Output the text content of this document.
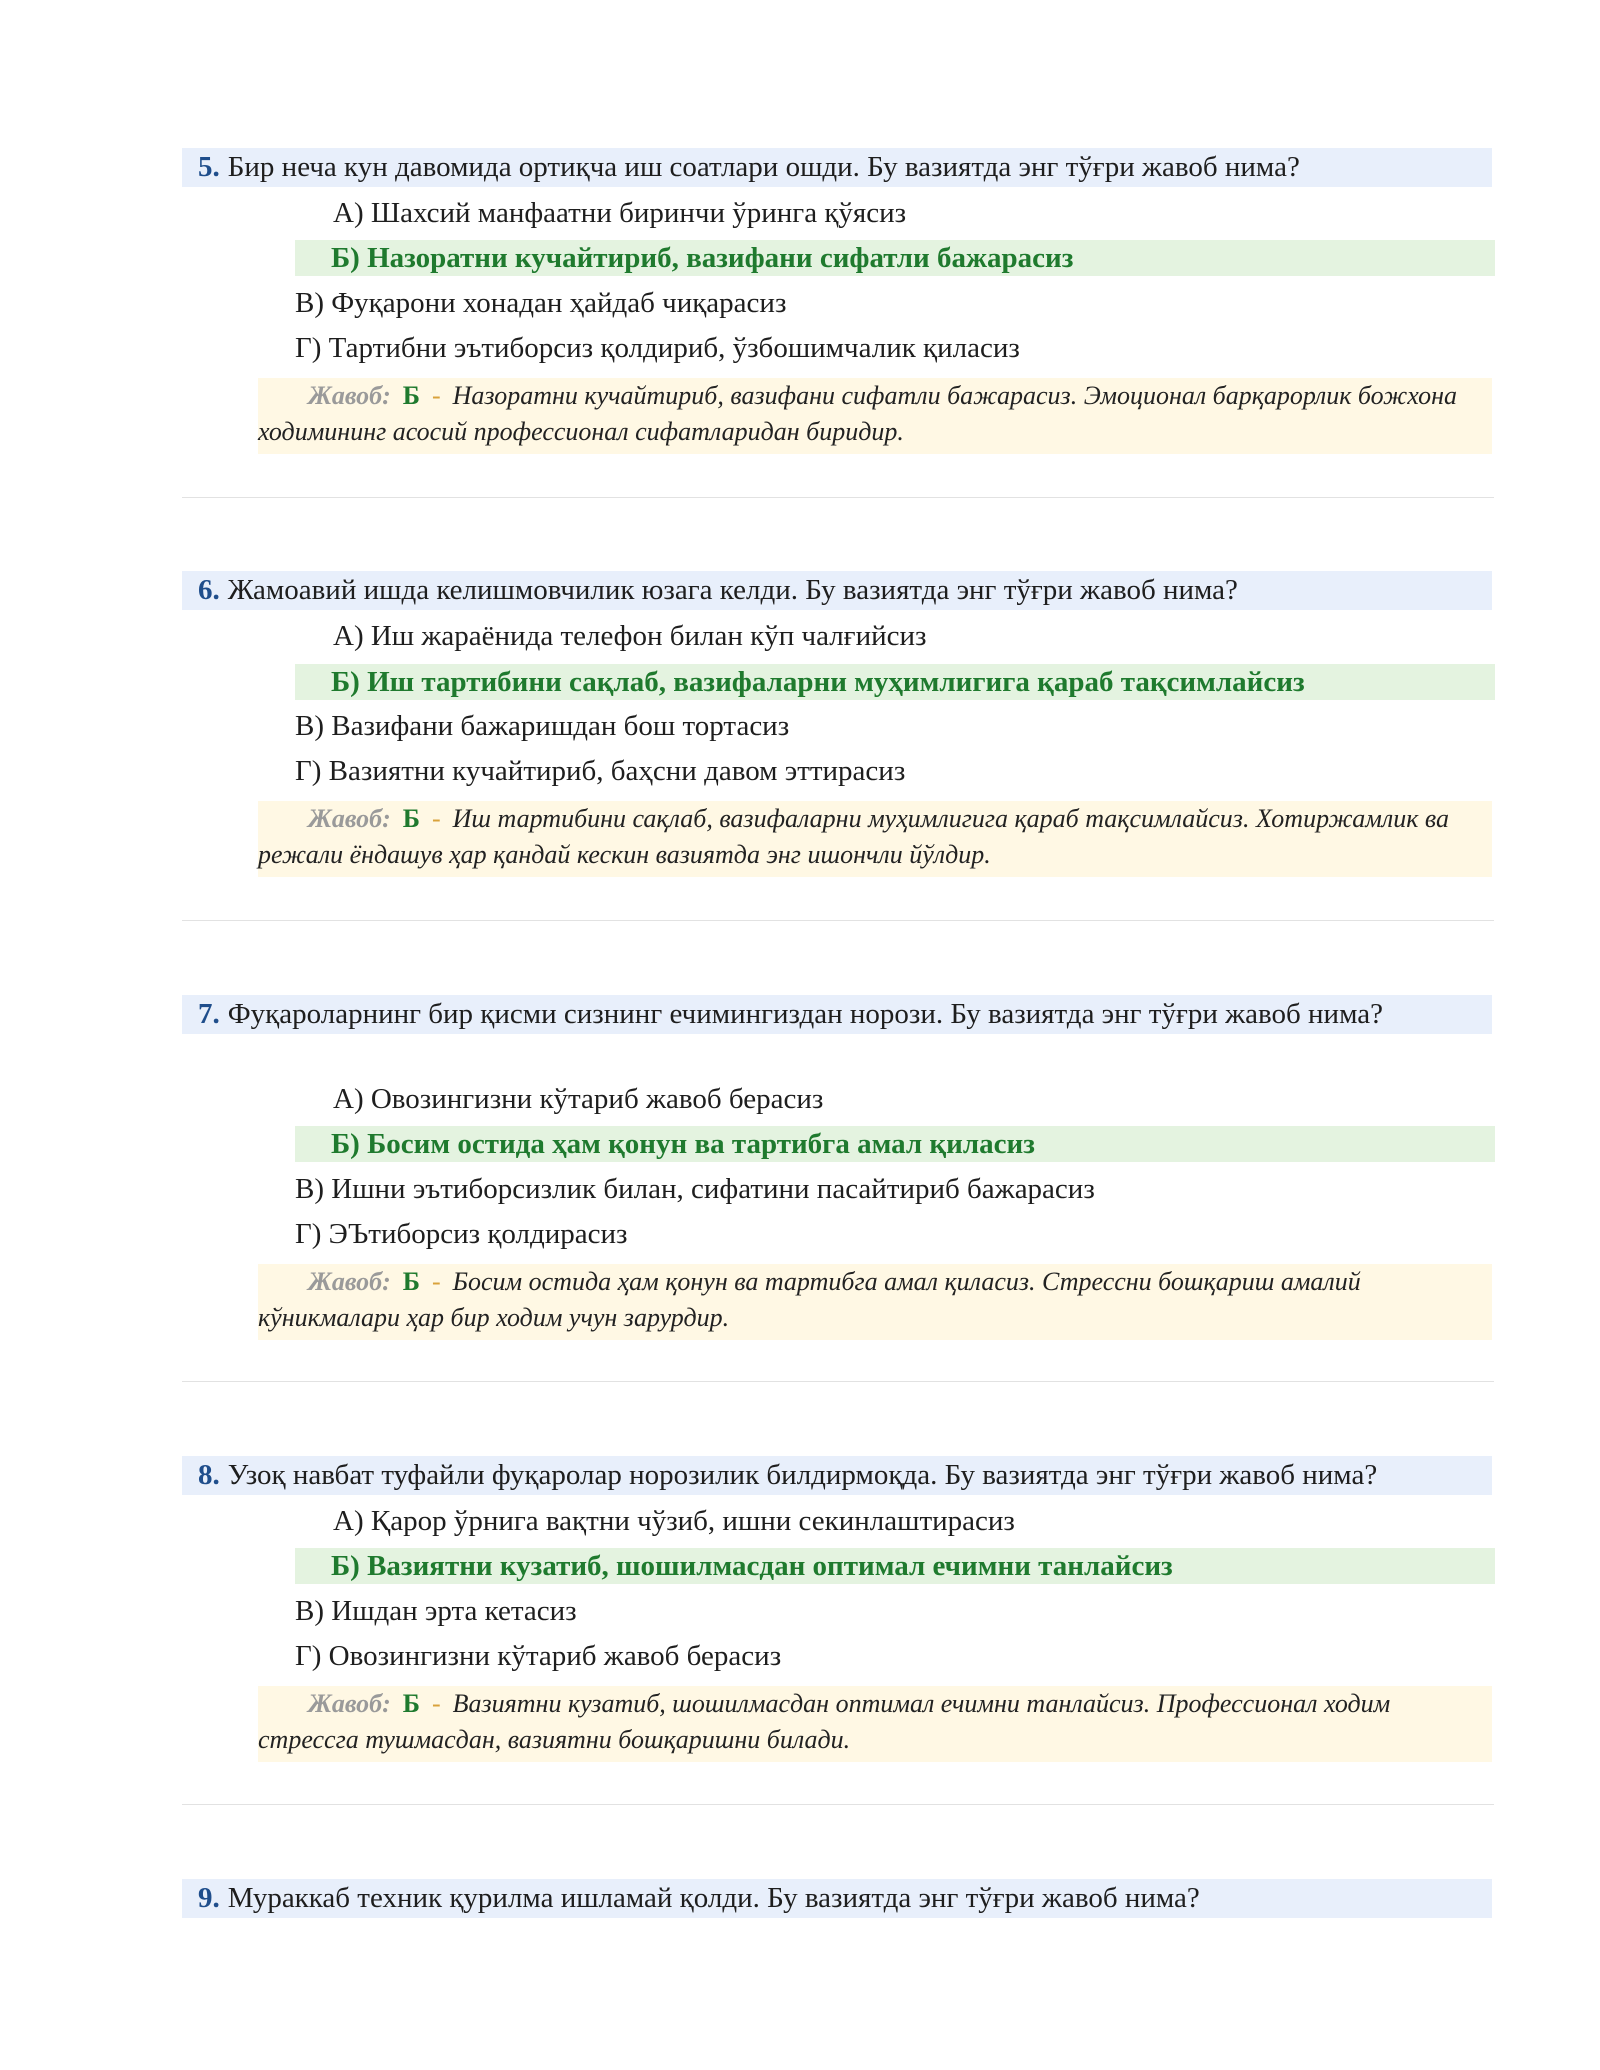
5. Бир неча кун давомида ортиқча иш соатлари ошди. Бу вазиятда энг тўғри жавоб нима?
А) Шахсий манфаатни биринчи ўринга қўясиз
Б) Назоратни кучайтириб, вазифани сифатли бажарасиз
В) Фуқарони хонадан ҳайдаб чиқарасиз
Г) Тартибни эътиборсиз қолдириб, ўзбошимчалик қиласиз
Жавоб: Б - Назоратни кучайтириб, вазифани сифатли бажарасиз. Эмоционал барқарорлик божхона ходимининг асосий профессионал сифатларидан биридир.
6. Жамоавий ишда келишмовчилик юзага келди. Бу вазиятда энг тўғри жавоб нима?
А) Иш жараёнида телефон билан кўп чалғийсиз
Б) Иш тартибини сақлаб, вазифаларни муҳимлигига қараб тақсимлайсиз
В) Вазифани бажаришдан бош тортасиз
Г) Вазиятни кучайтириб, баҳсни давом эттирасиз
Жавоб: Б - Иш тартибини сақлаб, вазифаларни муҳимлигига қараб тақсимлайсиз. Хотиржамлик ва режали ёндашув ҳар қандай кескин вазиятда энг ишончли йўлдир.
7. Фуқароларнинг бир қисми сизнинг ечимингиздан норози. Бу вазиятда энг тўғри жавоб нима?
А) Овозингизни кўтариб жавоб берасиз
Б) Босим остида ҳам қонун ва тартибга амал қиласиз
В) Ишни эътиборсизлик билан, сифатини пасайтириб бажарасиз
Г) ЭЪтиборсиз қолдирасиз
Жавоб: Б - Босим остида ҳам қонун ва тартибга амал қиласиз. Стрессни бошқариш амалий кўникмалари ҳар бир ходим учун зарурдир.
8. Узоқ навбат туфайли фуқаролар норозилик билдирмоқда. Бу вазиятда энг тўғри жавоб нима?
А) Қарор ўрнига вақтни чўзиб, ишни секинлаштирасиз
Б) Вазиятни кузатиб, шошилмасдан оптимал ечимни танлайсиз
В) Ишдан эрта кетасиз
Г) Овозингизни кўтариб жавоб берасиз
Жавоб: Б - Вазиятни кузатиб, шошилмасдан оптимал ечимни танлайсиз. Профессионал ходим стрессга тушмасдан, вазиятни бошқаришни билади.
9. Мураккаб техник қурилма ишламай қолди. Бу вазиятда энг тўғри жавоб нима?
